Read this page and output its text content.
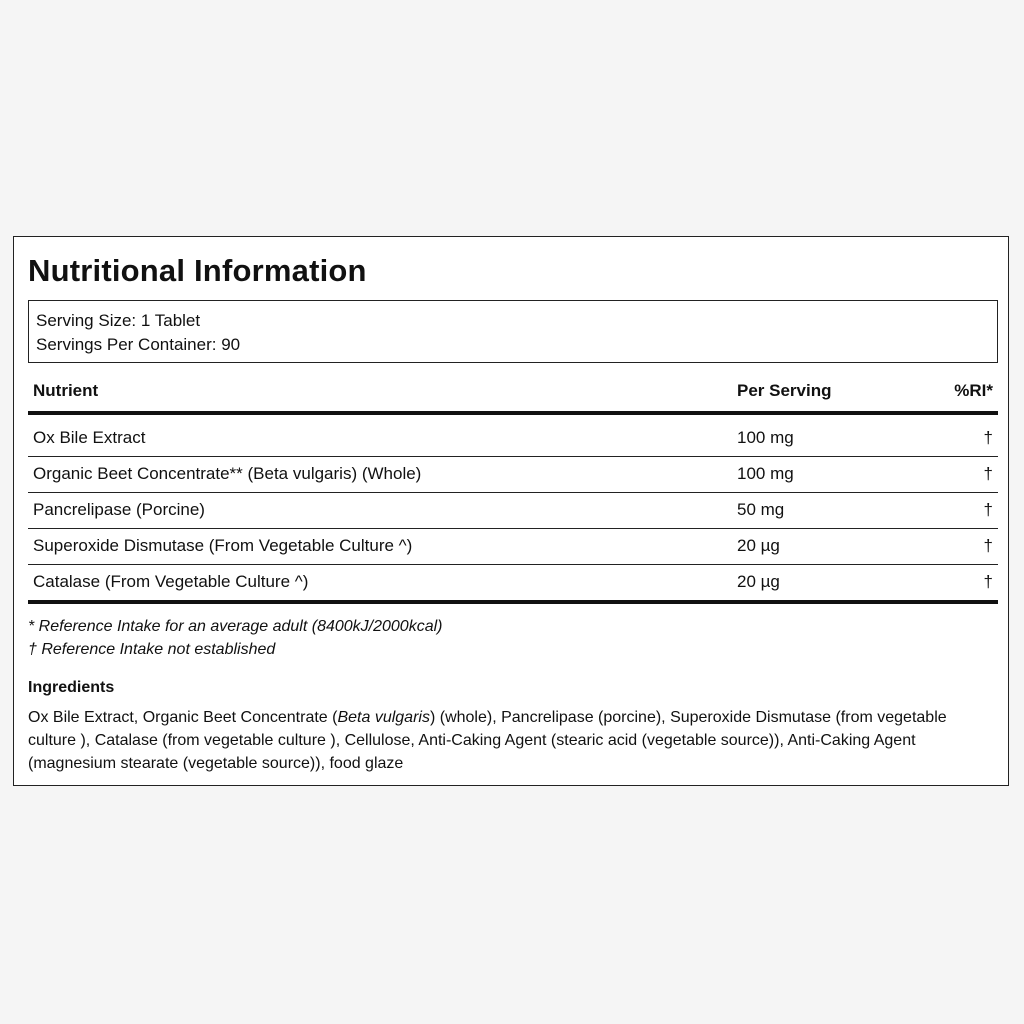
Nutritional Information
Serving Size: 1 Tablet
Servings Per Container: 90
Nutrient	Per Serving	%RI*
Ox Bile Extract	100 mg	†
Organic Beet Concentrate** (Beta vulgaris) (Whole)	100 mg	†
Pancrelipase (Porcine)	50 mg	†
Superoxide Dismutase (From Vegetable Culture ^)	20 µg	†
Catalase (From Vegetable Culture ^)	20 µg	†
* Reference Intake for an average adult (8400kJ/2000kcal)
† Reference Intake not established
Ingredients
Ox Bile Extract, Organic Beet Concentrate (Beta vulgaris) (whole), Pancrelipase (porcine), Superoxide Dismutase (from vegetable culture ), Catalase (from vegetable culture ), Cellulose, Anti-Caking Agent (stearic acid (vegetable source)), Anti-Caking Agent (magnesium stearate (vegetable source)), food glaze
